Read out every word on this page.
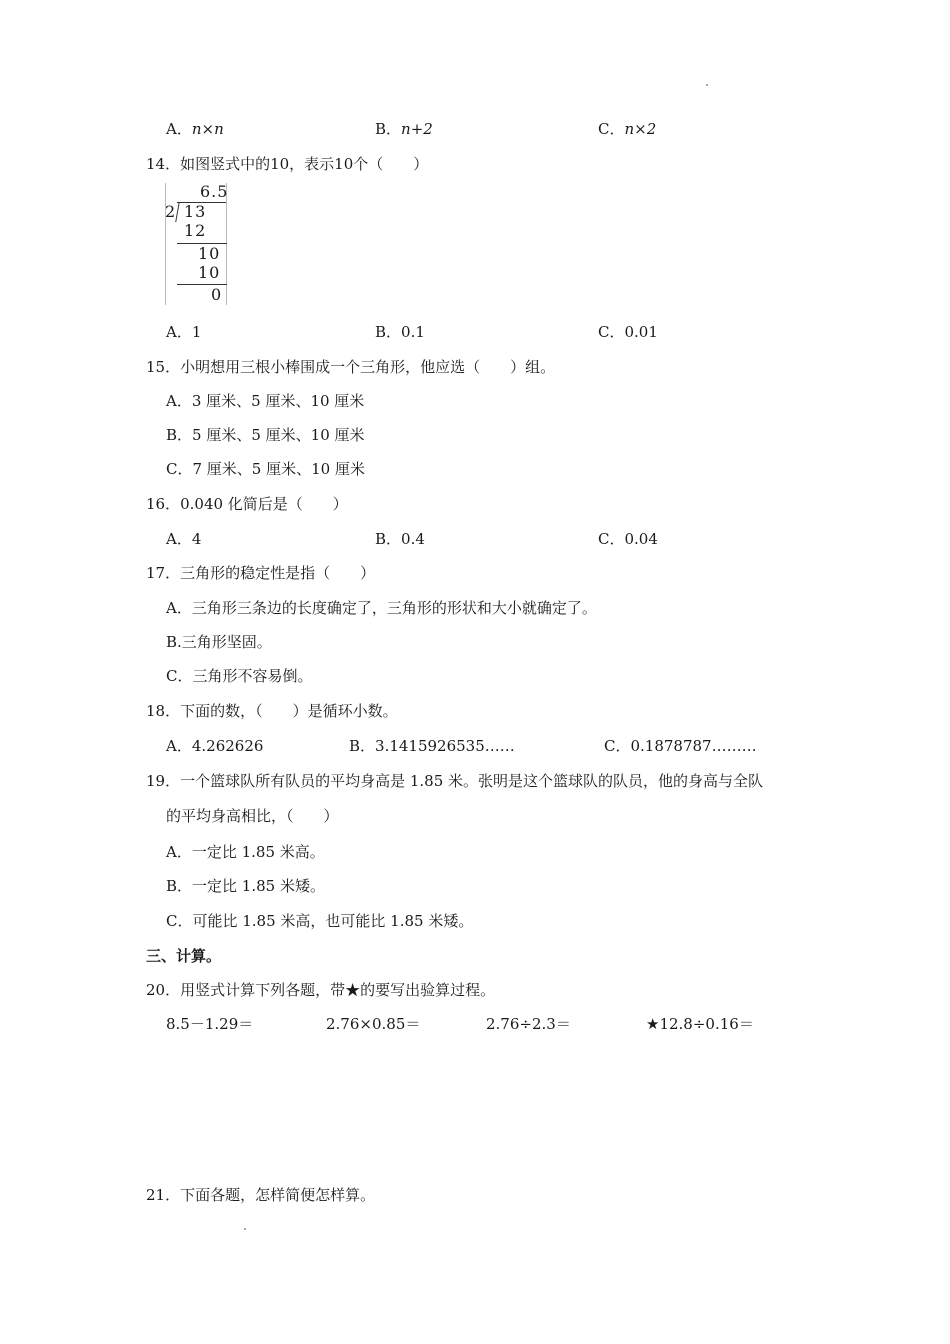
A．n×n	B．n+2	C．n×2
14．如图竖式中的10，表示10个（　　）
6.5
2 13
12
10
10
0
A．1	B．0.1	C．0.01
15．小明想用三根小棒围成一个三角形，他应选（　　）组。
A．3 厘米、5 厘米、10 厘米
B．5 厘米、5 厘米、10 厘米
C．7 厘米、5 厘米、10 厘米
16．0.040 化简后是（　　）
A．4	B．0.4	C．0.04
17．三角形的稳定性是指（　　）
A．三角形三条边的长度确定了，三角形的形状和大小就确定了。
B.三角形坚固。
C．三角形不容易倒。
18．下面的数，（　　）是循环小数。
A．4.262626	B．3.1415926535……	C．0.1878787………
19．一个篮球队所有队员的平均身高是 1.85 米。张明是这个篮球队的队员，他的身高与全队
的平均身高相比，（　　）
A．一定比 1.85 米高。
B．一定比 1.85 米矮。
C．可能比 1.85 米高，也可能比 1.85 米矮。
三、计算。
20．用竖式计算下列各题，带★的要写出验算过程。
8.5－1.29＝	2.76×0.85＝	2.76÷2.3＝	★12.8÷0.16＝
21．下面各题，怎样简便怎样算。
